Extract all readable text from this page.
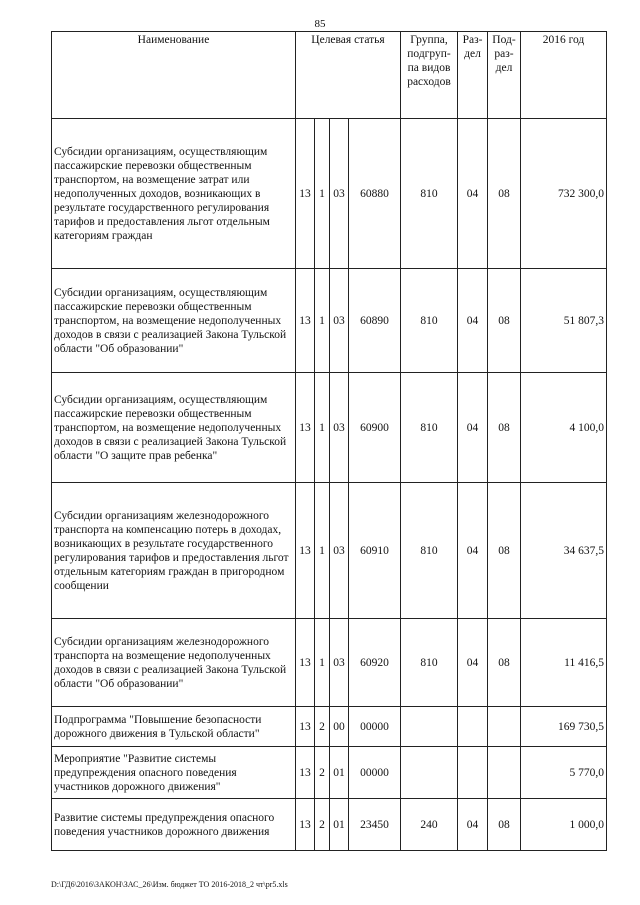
85
Наименование	Целевая статья				Группа, подгруп-па видов расходов	Раз-дел	Под-раз-дел	2016 год
Субсидии организациям, осуществляющим пассажирские перевозки общественным транспортом, на возмещение затрат или недополученных доходов, возникающих в результате государственного регулирования тарифов и предоставления льгот отдельным категориям граждан	13	1	03	60880	810	04	08	732 300,0
Субсидии организациям, осуществляющим пассажирские перевозки общественным транспортом, на возмещение недополученных доходов в связи с реализацией Закона Тульской области "Об образовании"	13	1	03	60890	810	04	08	51 807,3
Субсидии организациям, осуществляющим пассажирские перевозки общественным транспортом, на возмещение недополученных доходов в связи с реализацией Закона Тульской области "О защите прав ребенка"	13	1	03	60900	810	04	08	4 100,0
Субсидии организациям железнодорожного транспорта на компенсацию потерь в доходах, возникающих в результате государственного регулирования тарифов и предоставления льгот отдельным категориям граждан в пригородном сообщении	13	1	03	60910	810	04	08	34 637,5
Субсидии организациям железнодорожного транспорта на возмещение недополученных доходов в связи с реализацией Закона Тульской области "Об образовании"	13	1	03	60920	810	04	08	11 416,5
Подпрограмма "Повышение безопасности дорожного движения в Тульской области"	13	2	00	00000				169 730,5
Мероприятие "Развитие системы предупреждения опасного поведения участников дорожного движения"	13	2	01	00000				5 770,0
Развитие системы предупреждения опасного поведения участников дорожного движения	13	2	01	23450	240	04	08	1 000,0
D:\ГД6\2016\ЗАКОН\ЗАС_26\Изм. бюджет ТО 2016-2018_2 чт\pr5.xls
